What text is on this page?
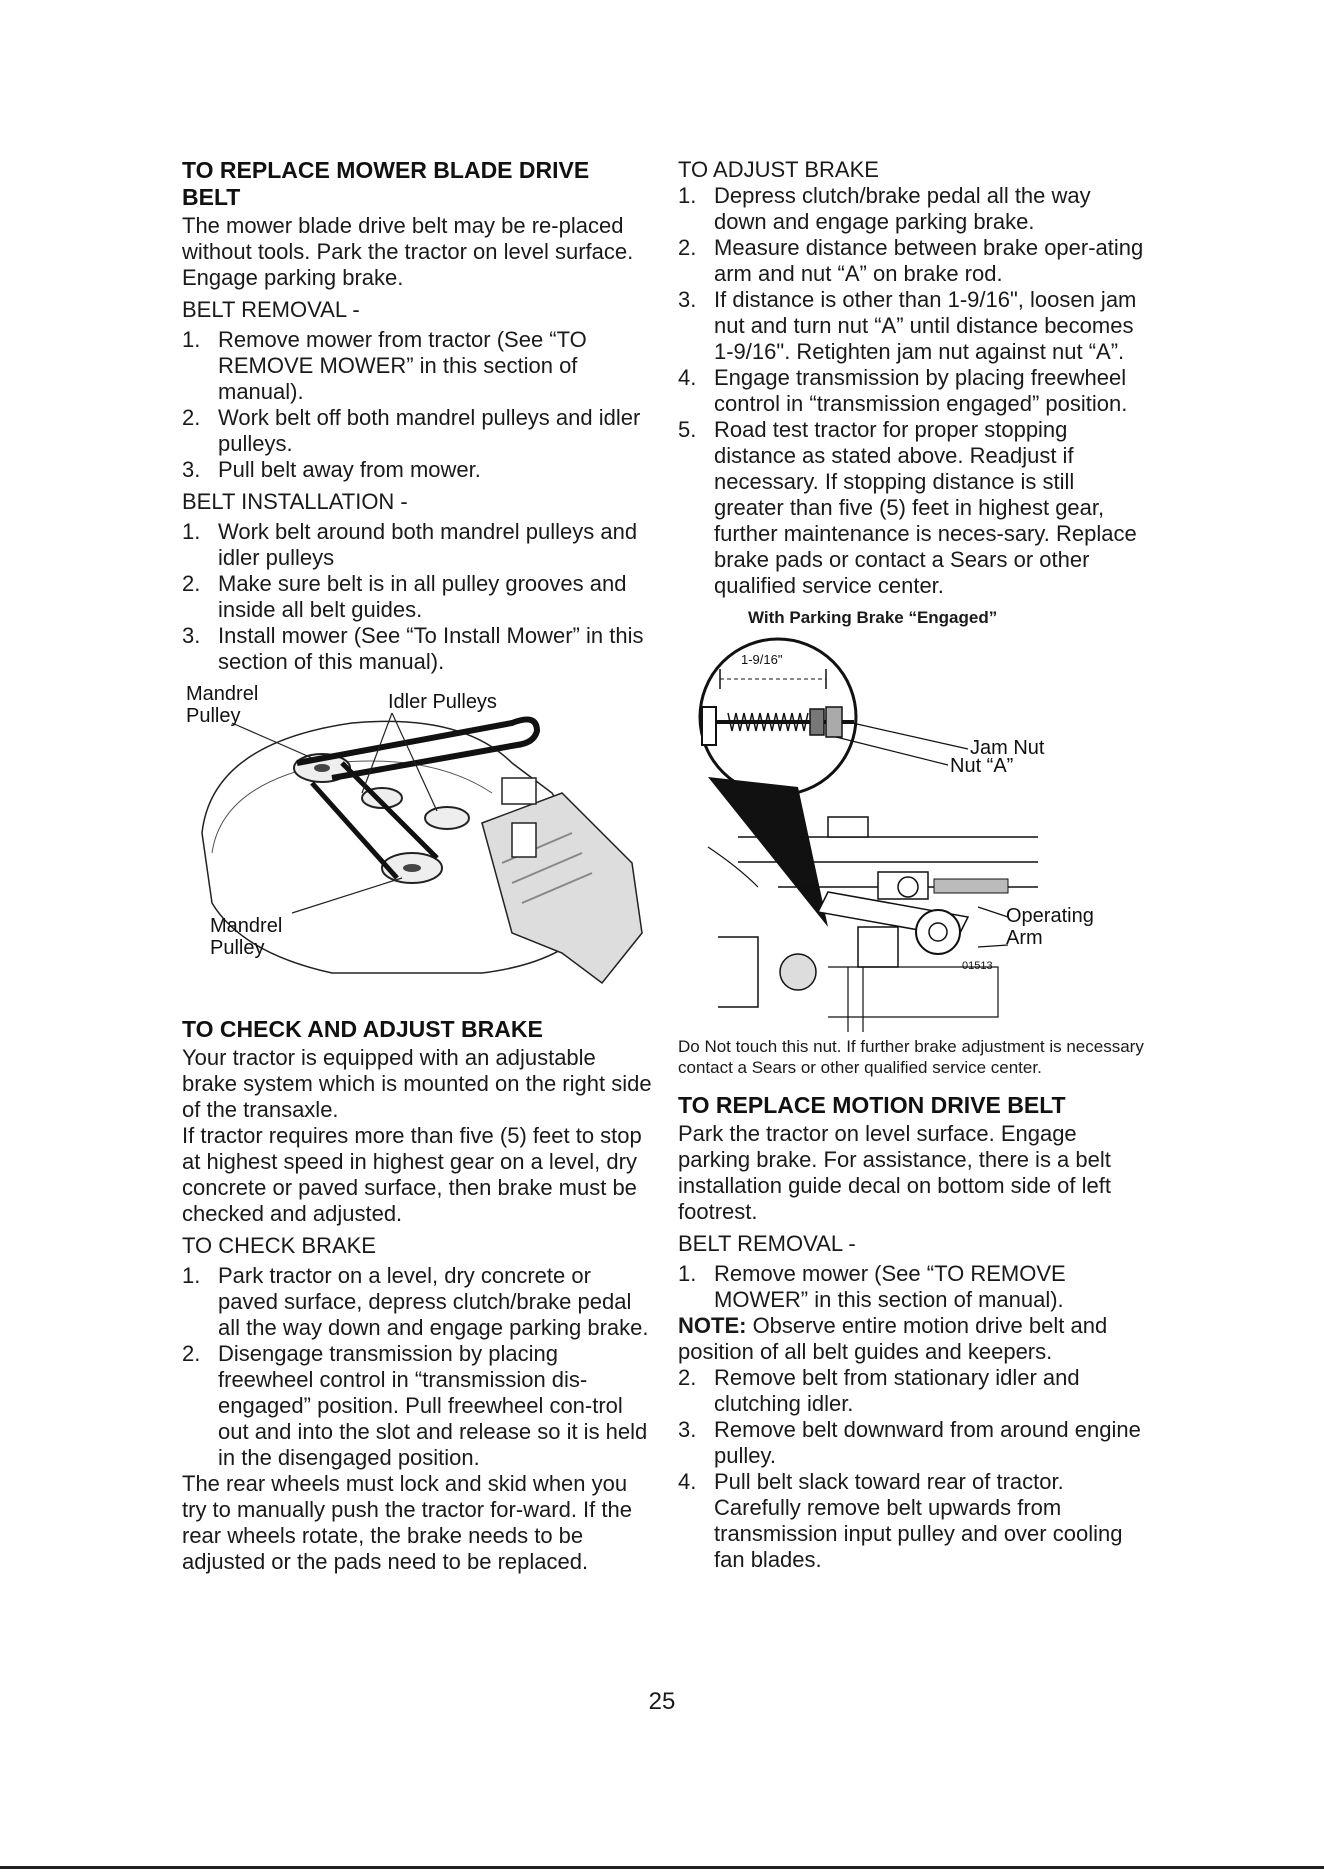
TO REPLACE MOWER BLADE DRIVE BELT

The mower blade drive belt may be re-placed without tools. Park the tractor on level surface. Engage parking brake.

BELT REMOVAL -

1. Remove mower from tractor (See “TO REMOVE MOWER” in this section of manual).
2. Work belt off both mandrel pulleys and idler pulleys.
3. Pull belt away from mower.

BELT INSTALLATION -

1. Work belt around both mandrel pulleys and idler pulleys
2. Make sure belt is in all pulley grooves and inside all belt guides.
3. Install mower (See “To Install Mower” in this section of this manual).
Mandrel
Pulley
Idler Pulleys
Mandrel
Pulley
TO CHECK AND ADJUST BRAKE

Your tractor is equipped with an adjustable brake system which is mounted on the right side of the transaxle.

If tractor requires more than five (5) feet to stop at highest speed in highest gear on a level, dry concrete or paved surface, then brake must be checked and adjusted.

TO CHECK BRAKE

1. Park tractor on a level, dry concrete or paved surface, depress clutch/brake pedal all the way down and engage parking brake.
2. Disengage transmission by placing freewheel control in “transmission dis-engaged” position. Pull freewheel con-trol out and into the slot and release so it is held in the disengaged position.

The rear wheels must lock and skid when you try to manually push the tractor for-ward. If the rear wheels rotate, the brake needs to be adjusted or the pads need to be replaced.

TO ADJUST BRAKE

1. Depress clutch/brake pedal all the way down and engage parking brake.
2. Measure distance between brake oper-ating arm and nut “A” on brake rod.
3. If distance is other than 1-9/16", loosen jam nut and turn nut “A” until distance becomes 1-9/16". Retighten jam nut against nut “A”.
4. Engage transmission by placing freewheel control in “transmission engaged” position.
5. Road test tractor for proper stopping distance as stated above. Readjust if necessary. If stopping distance is still greater than five (5) feet in highest gear, further maintenance is neces-sary. Replace brake pads or contact a Sears or other qualified service center.
With Parking Brake “Engaged”
1-9/16"
Jam Nut
Nut “A”
Operating
Arm
01513

Do Not touch this nut. If further brake adjustment is necessary contact a Sears or other qualified service center.

TO REPLACE MOTION DRIVE BELT

Park the tractor on level surface. Engage parking brake. For assistance, there is a belt installation guide decal on bottom side of left footrest.

BELT REMOVAL -

1. Remove mower (See “TO REMOVE MOWER” in this section of manual).

NOTE: Observe entire motion drive belt and position of all belt guides and keepers.

2. Remove belt from stationary idler and clutching idler.
3. Remove belt downward from around engine pulley.
4. Pull belt slack toward rear of tractor. Carefully remove belt upwards from transmission input pulley and over cooling fan blades.
25
